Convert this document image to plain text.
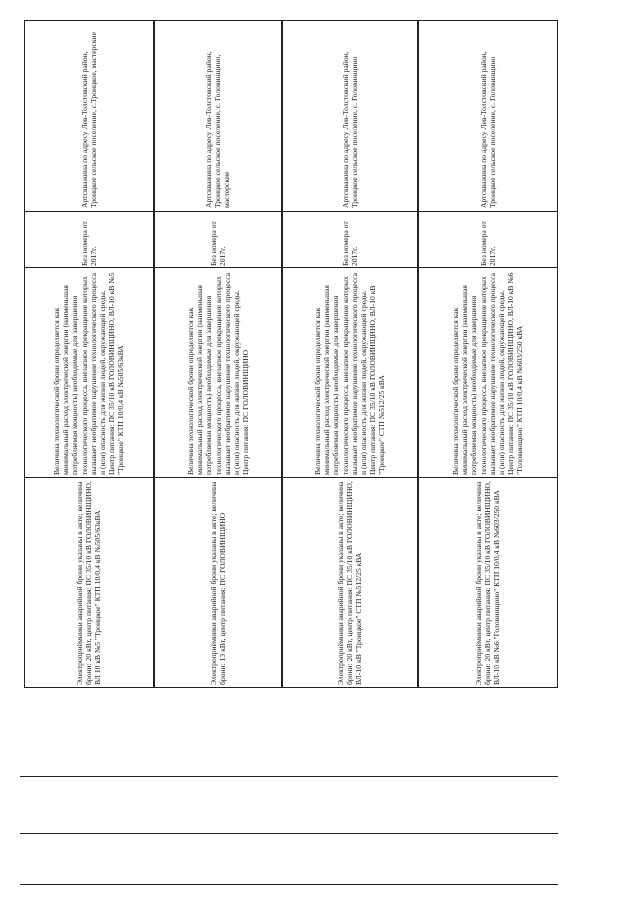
Артскважина по адресу Лев-Толстовский район, Троицкое сельское поселение, с.Троицкое, мастерские
Без номера от 2017г.
Величина технологической брони определяется как минимальный расход электрической энергии (наименьшая потребляемая мощность) необходимые для завершения технологического процесса, внезапное прекращение которых вызывает необратимое нарушение технологического процесса и (или) опасность для жизни людей, окружающей среды. Центр питания: ПС 35/10 кВ ГОЛОВИНЩИНО, ВЛ-10 кВ №5 "Троицкое" КТП 10/0,4 кВ №505/63кВА
Электроприёмники аварийной брони указаны в акте; величина брони: 20 кВт, центр питания: ПС 35/10 кВ ГОЛОВИНЩИНО, ВЛ 10 кВ №5 "Троицкое" КТП 10/0,4 кВ №505/63кВА
Артскважина по адресу Лев-Толстовский район, Троицкое сельское поселение, с. Головинщино, мастерские
Без номера от 2017г.
Величина технологической брони определяется как минимальный расход электрической энергии (наименьшая потребляемая мощность) необходимые для завершения технологического процесса, внезапное прекращение которых вызывает необратимое нарушение технологического процесса и (или) опасность для жизни людей, окружающей среды. Центр питания: ПС ГОЛОВИНЩИНО
Электроприёмники аварийной брони указаны в акте; величина брони: 13 кВт, центр питания: ПС ГОЛОВИНЩИНО
Артскважина по адресу Лев-Толстовский район, Троицкое сельское поселение, с. Головинщино
Без номера от 2017г.
Величина технологической брони определяется как минимальный расход электрической энергии (наименьшая потребляемая мощность) необходимые для завершения технологического процесса, внезапное прекращение которых вызывает необратимое нарушение технологического процесса и (или) опасность для жизни людей, окружающей среды. Центр питания: ПС 35/10 кВ ГОЛОВИНЩИНО, ВЛ-10 кВ "Троицкое" СТП №512/25 кВА
Электроприёмники аварийной брони указаны в акте; величина брони: 20 кВт, центр питания: ПС 35/10 кВ ГОЛОВИНЩИНО, ВЛ-10 кВ "Троицкое" СТП №512/25 кВА
Артскважина по адресу Лев-Толстовский район, Троицкое сельское поселение, с. Головинщино
Без номера от 2017г.
Величина технологической брони определяется как минимальный расход электрической энергии (наименьшая потребляемая мощность) необходимые для завершения технологического процесса, внезапное прекращение которых вызывает необратимое нарушение технологического процесса и (или) опасность для жизни людей, окружающей среды. Центр питания: ПС 35/10 кВ ГОЛОВИНЩИНО, ВЛ-10 кВ №6 "Головинщино" КТП 10/0,4 кВ №603/250 кВА
Электроприёмники аварийной брони указаны в акте; величина брони: 20 кВт, центр питания: ПС 35/10 кВ ГОЛОВИНЩИНО, ВЛ-10 кВ №6 "Головинщино" КТП 10/0,4 кВ №603/250 кВА
